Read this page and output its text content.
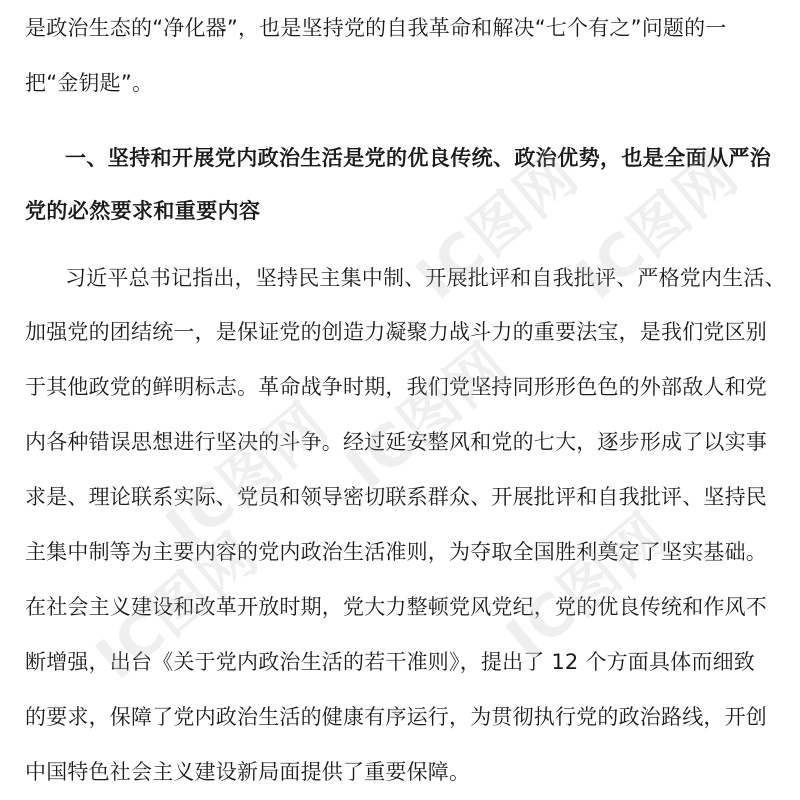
是政治生态的“净化器”，也是坚持党的自我革命和解决“七个有之”问题的一
把“金钥匙”。
一、坚持和开展党内政治生活是党的优良传统、政治优势，也是全面从严治
党的必然要求和重要内容
习近平总书记指出，坚持民主集中制、开展批评和自我批评、严格党内生活、
加强党的团结统一，是保证党的创造力凝聚力战斗力的重要法宝，是我们党区别
于其他政党的鲜明标志。革命战争时期，我们党坚持同形形色色的外部敌人和党
内各种错误思想进行坚决的斗争。经过延安整风和党的七大，逐步形成了以实事
求是、理论联系实际、党员和领导密切联系群众、开展批评和自我批评、坚持民
主集中制等为主要内容的党内政治生活准则，为夺取全国胜利奠定了坚实基础。
在社会主义建设和改革开放时期，党大力整顿党风党纪，党的优良传统和作风不
断增强，出台《关于党内政治生活的若干准则》，提出了 12 个方面具体而细致
的要求，保障了党内政治生活的健康有序运行，为贯彻执行党的政治路线，开创
中国特色社会主义建设新局面提供了重要保障。
IC图网
IC图网
IC图网
IC图网
IC图网
IC图网
